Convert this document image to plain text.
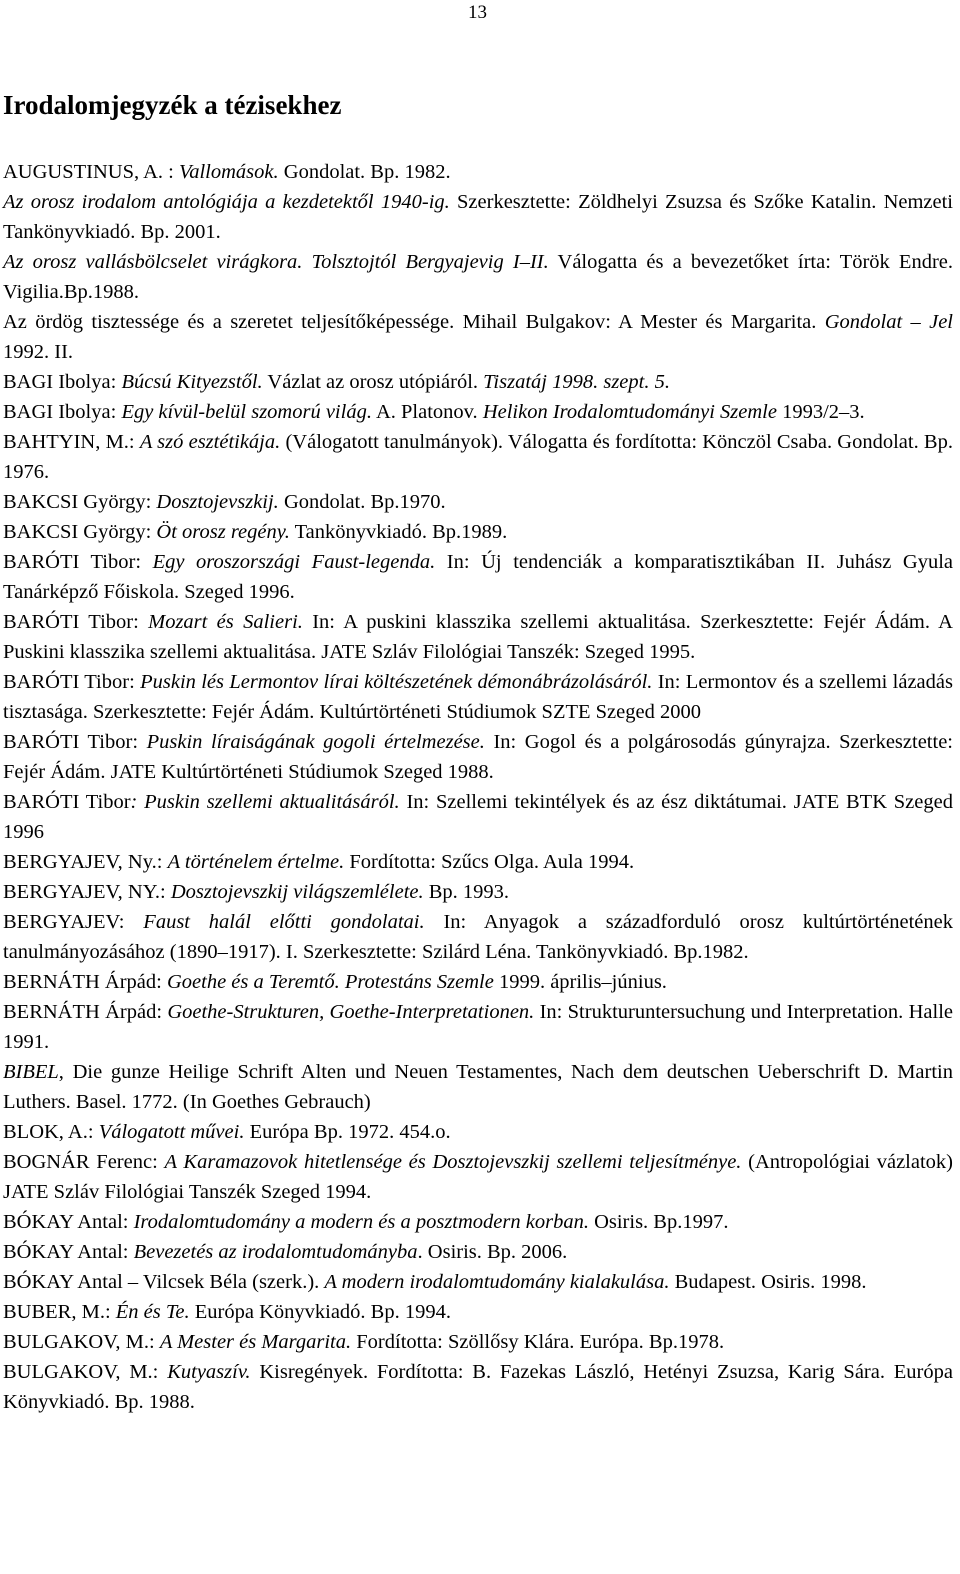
13
Irodalomjegyzék a tézisekhez

AUGUSTINUS, A. : Vallomások. Gondolat. Bp. 1982.

Az orosz irodalom antológiája a kezdetektől 1940-ig. Szerkesztette: Zöldhelyi Zsuzsa és Szőke Katalin. Nemzeti Tankönyvkiadó. Bp. 2001.

Az orosz vallásbölcselet virágkora. Tolsztojtól Bergyajevig I–II. Válogatta és a bevezetőket írta: Török Endre. Vigilia.Bp.1988.

Az ördög tisztessége és a szeretet teljesítőképessége. Mihail Bulgakov: A Mester és Margarita. Gondolat – Jel 1992. II.

BAGI Ibolya: Búcsú Kityezstől. Vázlat az orosz utópiáról. Tiszatáj 1998. szept. 5.

BAGI Ibolya: Egy kívül-belül szomorú világ. A. Platonov. Helikon Irodalomtudományi Szemle 1993/2–3.

BAHTYIN, M.: A szó esztétikája. (Válogatott tanulmányok). Válogatta és fordította: Könczöl Csaba. Gondolat. Bp. 1976.

BAKCSI György: Dosztojevszkij. Gondolat. Bp.1970.

BAKCSI György: Öt orosz regény. Tankönyvkiadó. Bp.1989.

BARÓTI Tibor: Egy oroszországi Faust-legenda. In: Új tendenciák a komparatisztikában II. Juhász Gyula Tanárképző Főiskola. Szeged 1996.

BARÓTI Tibor: Mozart és Salieri. In: A puskini klasszika szellemi aktualitása. Szerkesztette: Fejér Ádám. A Puskini klasszika szellemi aktualitása. JATE Szláv Filológiai Tanszék: Szeged 1995.

BARÓTI Tibor: Puskin lés Lermontov lírai költészetének démonábrázolásáról. In: Lermontov és a szellemi lázadás tisztasága. Szerkesztette: Fejér Ádám. Kultúrtörténeti Stúdiumok SZTE Szeged 2000

BARÓTI Tibor: Puskin líraiságának gogoli értelmezése. In: Gogol és a polgárosodás gúnyrajza. Szerkesztette: Fejér Ádám. JATE Kultúrtörténeti Stúdiumok Szeged 1988.

BARÓTI Tibor: Puskin szellemi aktualitásáról. In: Szellemi tekintélyek és az ész diktátumai. JATE BTK Szeged 1996

BERGYAJEV, Ny.: A történelem értelme. Fordította: Szűcs Olga. Aula 1994.

BERGYAJEV, NY.: Dosztojevszkij világszemlélete. Bp. 1993.

BERGYAJEV: Faust halál előtti gondolatai. In: Anyagok a századforduló orosz kultúrtörténetének tanulmányozásához (1890–1917). I. Szerkesztette: Szilárd Léna. Tankönyvkiadó. Bp.1982.

BERNÁTH Árpád: Goethe és a Teremtő. Protestáns Szemle 1999. április–június.

BERNÁTH Árpád: Goethe-Strukturen, Goethe-Interpretationen. In: Strukturuntersuchung und Interpretation. Halle 1991.

BIBEL, Die gunze Heilige Schrift Alten und Neuen Testamentes, Nach dem deutschen Ueberschrift D. Martin Luthers. Basel. 1772. (In Goethes Gebrauch)

BLOK, A.: Válogatott művei. Európa Bp. 1972. 454.o.

BOGNÁR Ferenc: A Karamazovok hitetlensége és Dosztojevszkij szellemi teljesítménye. (Antropológiai vázlatok) JATE Szláv Filológiai Tanszék Szeged 1994.

BÓKAY Antal: Irodalomtudomány a modern és a posztmodern korban. Osiris. Bp.1997.

BÓKAY Antal: Bevezetés az irodalomtudományba. Osiris. Bp. 2006.

BÓKAY Antal – Vilcsek Béla (szerk.). A modern irodalomtudomány kialakulása. Budapest. Osiris. 1998.

BUBER, M.: Én és Te. Európa Könyvkiadó. Bp. 1994.

BULGAKOV, M.: A Mester és Margarita. Fordította: Szöllősy Klára. Európa. Bp.1978.

BULGAKOV, M.: Kutyaszív. Kisregények. Fordította: B. Fazekas László, Hetényi Zsuzsa, Karig Sára. Európa Könyvkiadó. Bp. 1988.
